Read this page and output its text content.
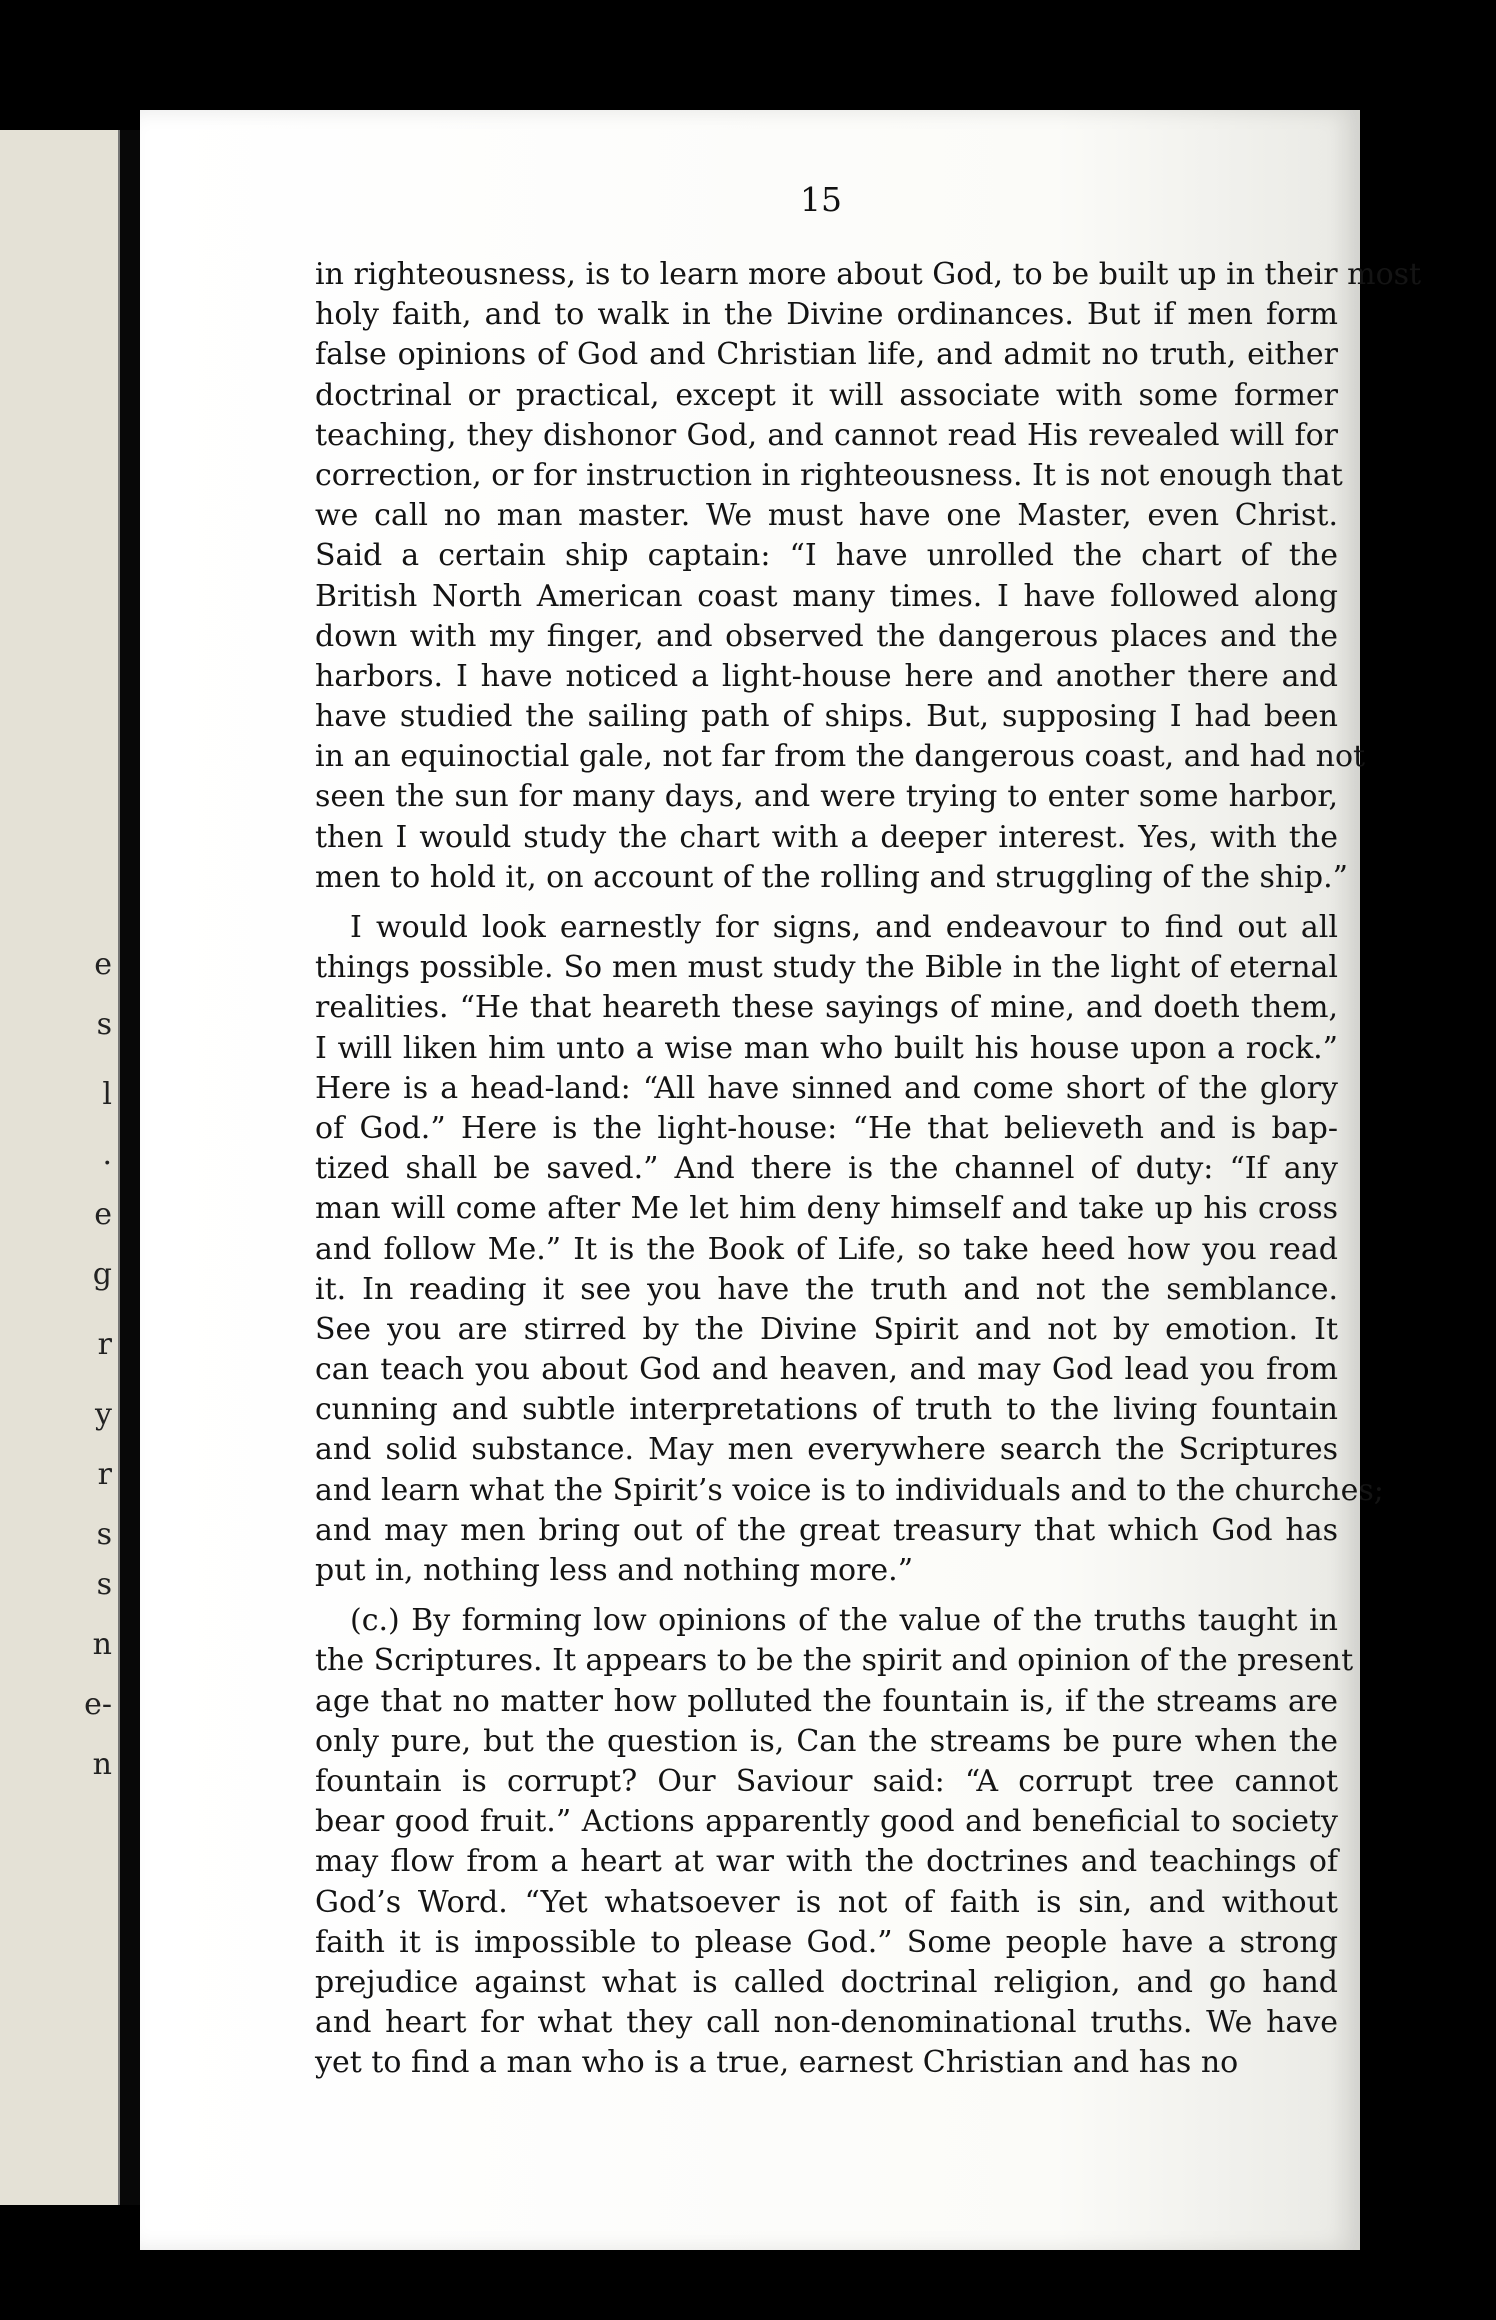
e
s
l
.
e
g
r
y
r
s
s
n
e-
n
15
in righteousness, is to learn more about God, to be built up in their most
holy faith, and to walk in the Divine ordinances. But if men form
false opinions of God and Christian life, and admit no truth, either
doctrinal or practical, except it will associate with some former
teaching, they dishonor God, and cannot read His revealed will for
correction, or for instruction in righteousness. It is not enough that
we call no man master. We must have one Master, even Christ.
Said a certain ship captain: “I have unrolled the chart of the
British North American coast many times. I have followed along
down with my finger, and observed the dangerous places and the
harbors. I have noticed a light-house here and another there and
have studied the sailing path of ships. But, supposing I had been
in an equinoctial gale, not far from the dangerous coast, and had not
seen the sun for many days, and were trying to enter some harbor,
then I would study the chart with a deeper interest. Yes, with the
men to hold it, on account of the rolling and struggling of the ship.”
I would look earnestly for signs, and endeavour to find out all
things possible. So men must study the Bible in the light of eternal
realities. “He that heareth these sayings of mine, and doeth them,
I will liken him unto a wise man who built his house upon a rock.”
Here is a head-land: “All have sinned and come short of the glory
of God.” Here is the light-house: “He that believeth and is bap-
tized shall be saved.” And there is the channel of duty: “If any
man will come after Me let him deny himself and take up his cross
and follow Me.” It is the Book of Life, so take heed how you read
it. In reading it see you have the truth and not the semblance.
See you are stirred by the Divine Spirit and not by emotion. It
can teach you about God and heaven, and may God lead you from
cunning and subtle interpretations of truth to the living fountain
and solid substance. May men everywhere search the Scriptures
and learn what the Spirit’s voice is to individuals and to the churches;
and may men bring out of the great treasury that which God has
put in, nothing less and nothing more.”
(c.) By forming low opinions of the value of the truths taught in
the Scriptures. It appears to be the spirit and opinion of the present
age that no matter how polluted the fountain is, if the streams are
only pure, but the question is, Can the streams be pure when the
fountain is corrupt? Our Saviour said: “A corrupt tree cannot
bear good fruit.” Actions apparently good and beneficial to society
may flow from a heart at war with the doctrines and teachings of
God’s Word. “Yet whatsoever is not of faith is sin, and without
faith it is impossible to please God.” Some people have a strong
prejudice against what is called doctrinal religion, and go hand
and heart for what they call non-denominational truths. We have
yet to find a man who is a true, earnest Christian and has no
